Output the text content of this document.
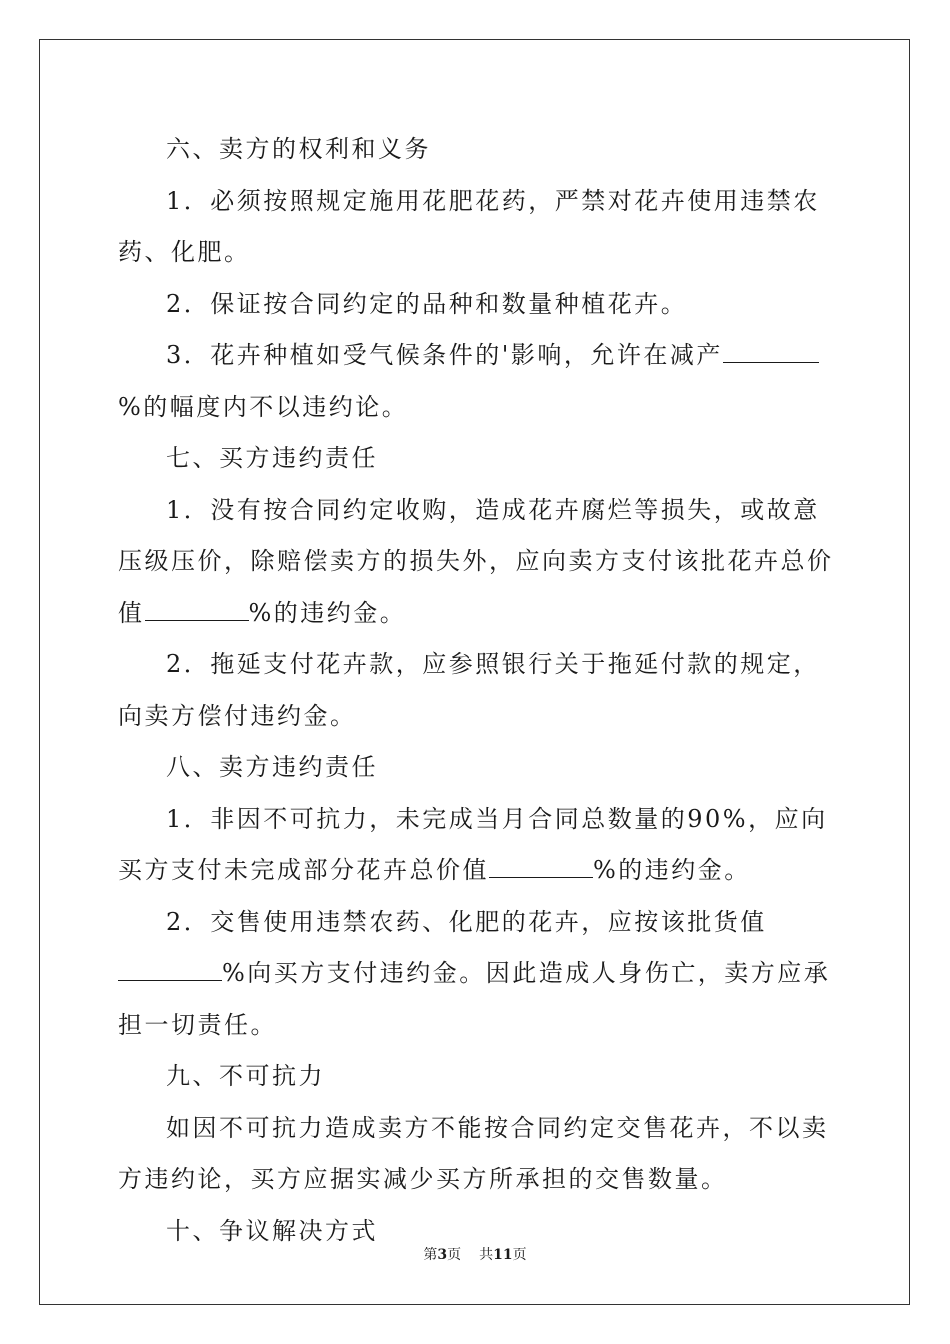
六、卖方的权利和义务

1．必须按照规定施用花肥花药，严禁对花卉使用违禁农药、化肥。

2．保证按合同约定的品种和数量种植花卉。

3．花卉种植如受气候条件的'影响，允许在减产%的幅度内不以违约论。

七、买方违约责任

1．没有按合同约定收购，造成花卉腐烂等损失，或故意压级压价，除赔偿卖方的损失外，应向卖方支付该批花卉总价值	%的违约金。

2．拖延支付花卉款，应参照银行关于拖延付款的规定，向卖方偿付违约金。

八、卖方违约责任

1．非因不可抗力，未完成当月合同总数量的90%，应向买方支付未完成部分花卉总价值	%的违约金。

2．交售使用违禁农药、化肥的花卉，应按该批货值%向买方支付违约金。因此造成人身伤亡，卖方应承担一切责任。

九、不可抗力

如因不可抗力造成卖方不能按合同约定交售花卉，不以卖方违约论，买方应据实减少买方所承担的交售数量。

十、争议解决方式

第3页 共11页
